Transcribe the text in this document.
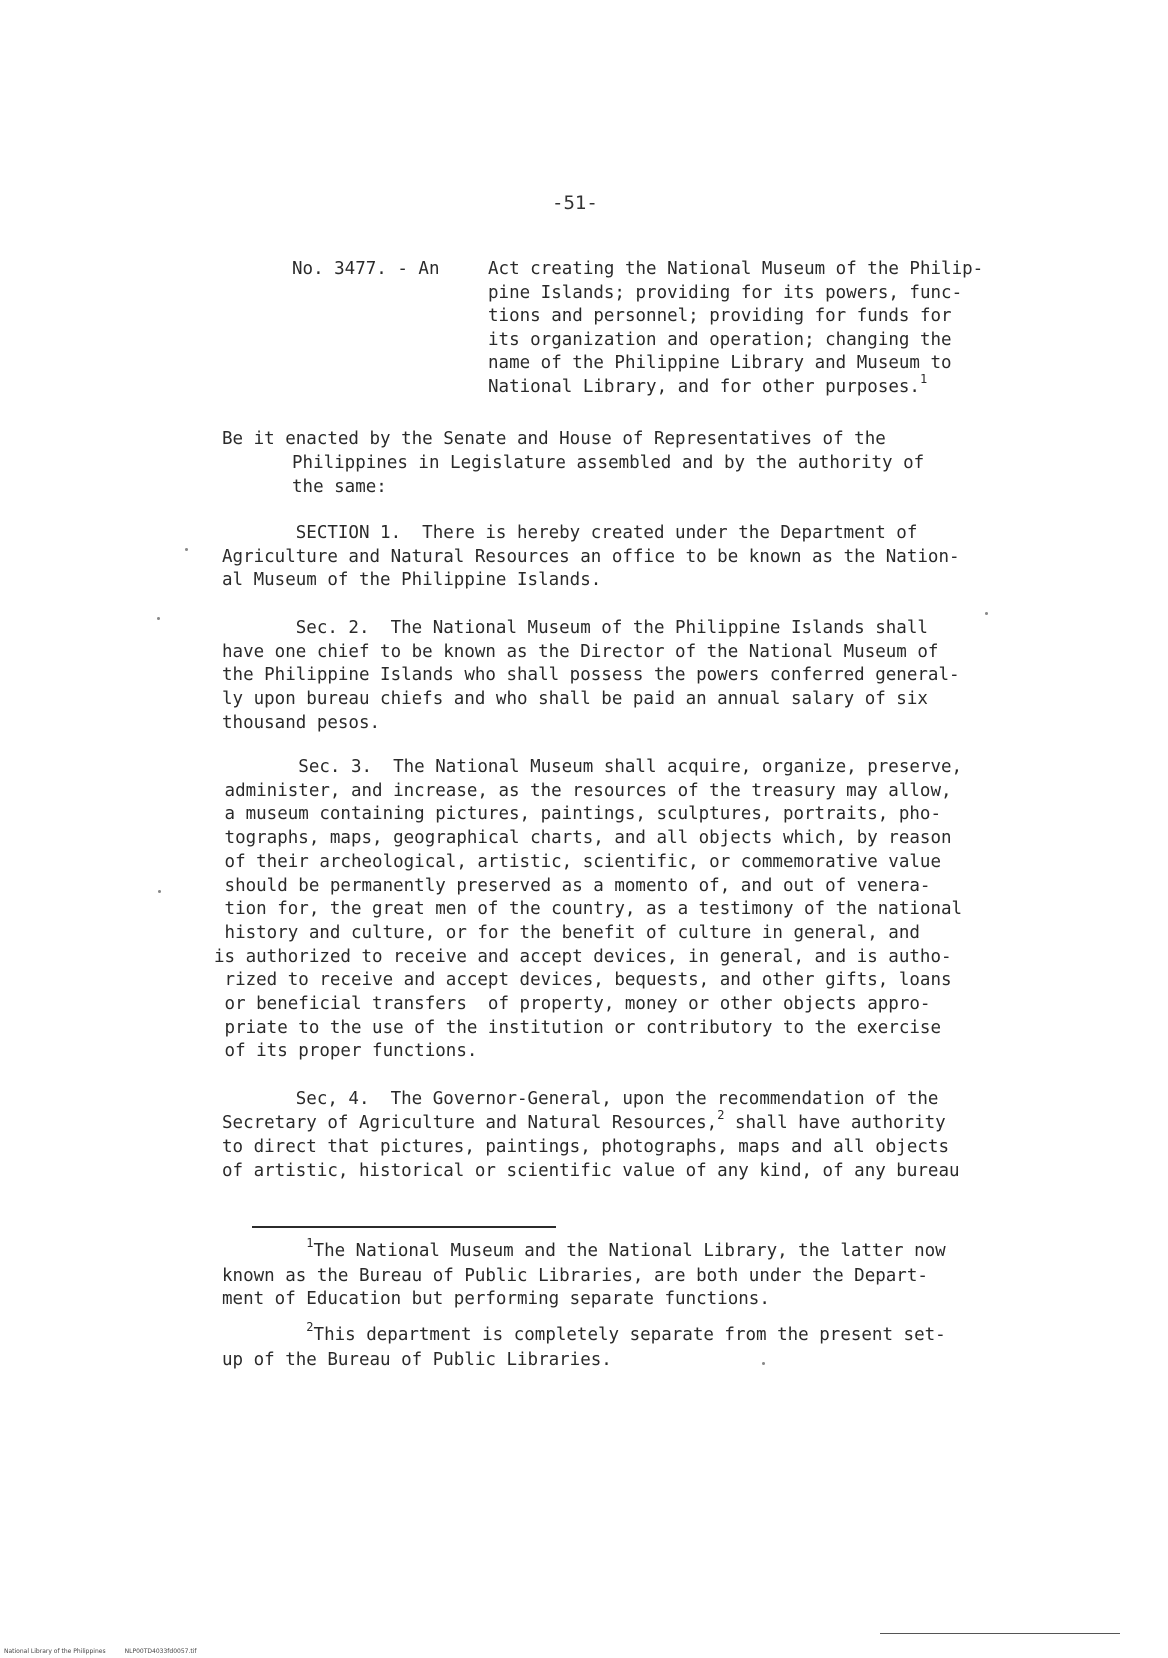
-51-
No. 3477. - An	Act creating the National Museum of the Philip-
pine Islands; providing for its powers, func-
tions and personnel; providing for funds for
its organization and operation; changing the
name of the Philippine Library and Museum to
National Library, and for other purposes.$^1$
Be it enacted by the Senate and House of Representatives of the
Philippines in Legislature assembled and by the authority of
the same:
SECTION 1.  There is hereby created under the Department of
Agriculture and Natural Resources an office to be known as the Nation-
al Museum of the Philippine Islands.
Sec. 2.  The National Museum of the Philippine Islands shall
have one chief to be known as the Director of the National Museum of
the Philippine Islands who shall possess the powers conferred general-
ly upon bureau chiefs and who shall be paid an annual salary of six
thousand pesos.
Sec. 3.  The National Museum shall acquire, organize, preserve,
administer, and increase, as the resources of the treasury may allow,
a museum containing pictures, paintings, sculptures, portraits, pho-
tographs, maps, geographical charts, and all objects which, by reason
of their archeological, artistic, scientific, or commemorative value
should be permanently preserved as a momento of, and out of venera-
tion for, the great men of the country, as a testimony of the national
history and culture, or for the benefit of culture in general, and
is authorized to receive and accept devices, in general, and is autho-
rized to receive and accept devices, bequests, and other gifts, loans
or beneficial transfers  of property, money or other objects appro-
priate to the use of the institution or contributory to the exercise
of its proper functions.
Sec, 4.  The Governor-General, upon the recommendation of the
Secretary of Agriculture and Natural Resources,$^2$ shall have authority
to direct that pictures, paintings, photographs, maps and all objects
of artistic, historical or scientific value of any kind, of any bureau
$^1$The National Museum and the National Library, the latter now
known as the Bureau of Public Libraries, are both under the Depart-
ment of Education but performing separate functions.
$^2$This department is completely separate from the present set-
up of the Bureau of Public Libraries.
National Library of the Philippines	NLP00TD4033fd0057.tif
